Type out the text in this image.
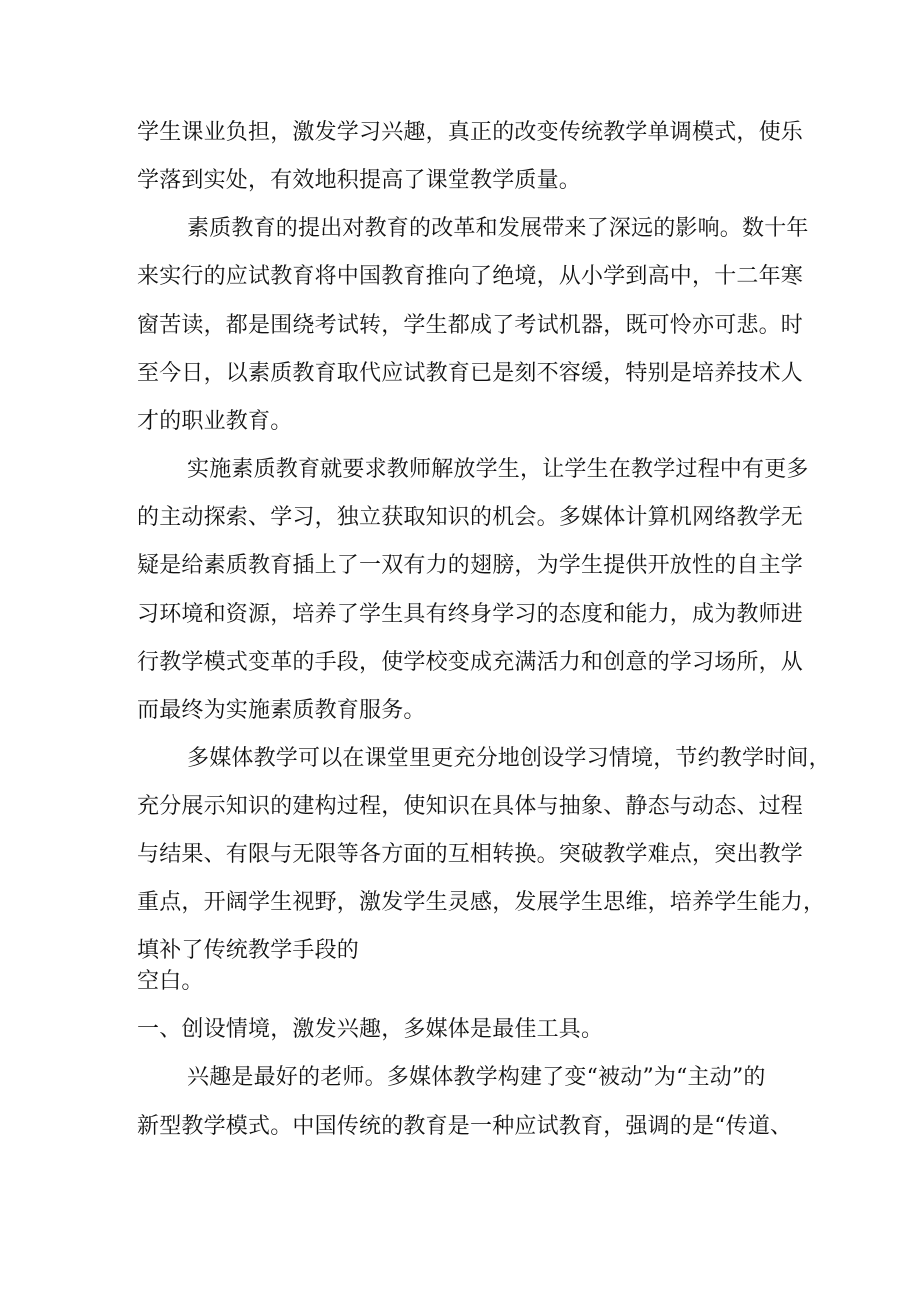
学生课业负担，激发学习兴趣，真正的改变传统教学单调模式，使乐
学落到实处，有效地积提高了课堂教学质量。
素质教育的提出对教育的改革和发展带来了深远的影响。数十年
来实行的应试教育将中国教育推向了绝境，从小学到高中，十二年寒
窗苦读，都是围绕考试转，学生都成了考试机器，既可怜亦可悲。时
至今日，以素质教育取代应试教育已是刻不容缓，特别是培养技术人
才的职业教育。
实施素质教育就要求教师解放学生，让学生在教学过程中有更多
的主动探索、学习，独立获取知识的机会。多媒体计算机网络教学无
疑是给素质教育插上了一双有力的翅膀，为学生提供开放性的自主学
习环境和资源，培养了学生具有终身学习的态度和能力，成为教师进
行教学模式变革的手段，使学校变成充满活力和创意的学习场所，从
而最终为实施素质教育服务。
多媒体教学可以在课堂里更充分地创设学习情境，节约教学时间，
充分展示知识的建构过程，使知识在具体与抽象、静态与动态、过程
与结果、有限与无限等各方面的互相转换。突破教学难点，突出教学
重点，开阔学生视野，激发学生灵感，发展学生思维，培养学生能力，
填补了传统教学手段的
空白。
一、创设情境，激发兴趣，多媒体是最佳工具。
兴趣是最好的老师。多媒体教学构建了变“被动”为“主动”的
新型教学模式。中国传统的教育是一种应试教育，强调的是“传道、
